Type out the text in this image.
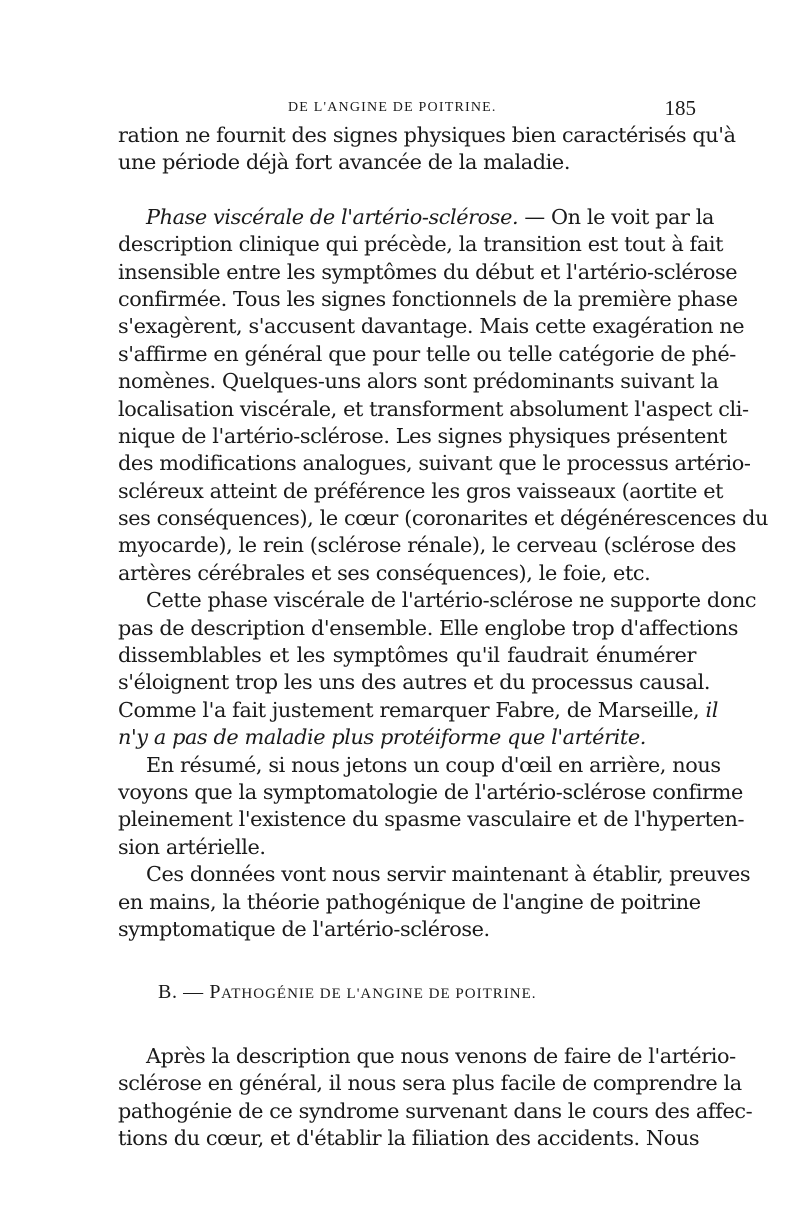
DE L'ANGINE DE POITRINE.	185
ration ne fournit des signes physiques bien caractérisés qu'à
une période déjà fort avancée de la maladie.
Phase viscérale de l'artério-sclérose. — On le voit par la
description clinique qui précède, la transition est tout à fait
insensible entre les symptômes du début et l'artério-sclérose
confirmée. Tous les signes fonctionnels de la première phase
s'exagèrent, s'accusent davantage. Mais cette exagération ne
s'affirme en général que pour telle ou telle catégorie de phé-
nomènes. Quelques-uns alors sont prédominants suivant la
localisation viscérale, et transforment absolument l'aspect cli-
nique de l'artério-sclérose. Les signes physiques présentent
des modifications analogues, suivant que le processus artério-
scléreux atteint de préférence les gros vaisseaux (aortite et
ses conséquences), le cœur (coronarites et dégénérescences du
myocarde), le rein (sclérose rénale), le cerveau (sclérose des
artères cérébrales et ses conséquences), le foie, etc.
Cette phase viscérale de l'artério-sclérose ne supporte donc
pas de description d'ensemble. Elle englobe trop d'affections
dissemblables et les symptômes qu'il faudrait énumérer
s'éloignent trop les uns des autres et du processus causal.
Comme l'a fait justement remarquer Fabre, de Marseille, il
n'y a pas de maladie plus protéiforme que l'artérite.
En résumé, si nous jetons un coup d'œil en arrière, nous
voyons que la symptomatologie de l'artério-sclérose confirme
pleinement l'existence du spasme vasculaire et de l'hyperten-
sion artérielle.
Ces données vont nous servir maintenant à établir, preuves
en mains, la théorie pathogénique de l'angine de poitrine
symptomatique de l'artério-sclérose.
B. — PATHOGÉNIE DE L'ANGINE DE POITRINE.
Après la description que nous venons de faire de l'artério-
sclérose en général, il nous sera plus facile de comprendre la
pathogénie de ce syndrome survenant dans le cours des affec-
tions du cœur, et d'établir la filiation des accidents. Nous
